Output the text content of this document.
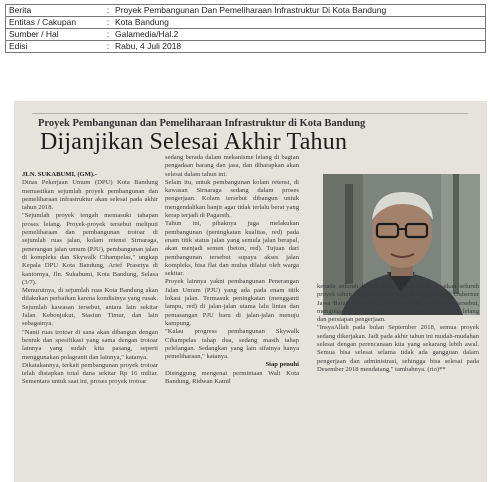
Berita	:	Proyek Pembangunan Dan Pemeliharaan Infrastruktur Di Kota Bandung
Entitas / Cakupan	:	Kota Bandung
Sumber / Hal	:	Galamedia/Hal.2
Edisi	:	Rabu, 4 Juli 2018
Proyek Pembangunan dan Pemeliharaan Infrastruktur di Kota Bandung
Dijanjikan Selesai Akhir Tahun

JLN. SUKABUMI, (GM).-

Dinas Pekerjaan Umum (DPU) Kota Bandung memastikan sejumlah proyek pembangunan dan pemeliharaan infrastruktur akan selesai pada akhir tahun 2018.

"Sejumlah proyek tengah memasuki tahapan proses lelang. Proyek-proyek tersebut meliputi pemeliharaan dan pembangunan trotoar di sejumlah ruas jalan, kolam retensi Sirnaraga, penerangan jalan umum (PJU), pembangunan jalan di kompleks dan Skywalk Cihampelas," ungkap Kepala DPU Kota Bandung, Arief Prasetya di kantornya, Jln. Sukabumi, Kota Bandung, Selasa (3/7).

Menurutnya, di sejumlah ruas Kota Bandung akan dilakukan perbaikan karena kondisinya yang rusak. Sejumlah kawasan tersebut, antara lain sekitar Jalan Kebonjukut, Stasiun Timur, dan lain sebagainya.

"Nanti ruas trotoar di sana akan dibangun dengan bentuk dan spesifikasi yang sama dengan trotoar lainnya yang sudah kita pasang, seperti menggunakan polagranit dan lainnya," katanya.

Dikatakannya, terkait pembangunan proyek trotoar telah disiapkan total dana sekitar Rp 16 miliar. Sementara untuk saat ini, proses proyek trotoar

sedang berada dalam mekanisme lelang di bagian pengadaan barang dan jasa, dan diharapkan akan selesai dalam tahun ini.

Selain itu, untuk pembangunan kolam retensi, di kawasan Sirnaraga sedang dalam proses pengerjaan. Kolam tersebut dibangun untuk mengendalikan banjir agar tidak terlalu berat yang kerap terjadi di Pagarsih.

Tahun ini, pihaknya juga melakukan pembangunan (peningkatan kualitas, red) pada enam titik status jalan yang semula jalan berapal, akan menjadi semen (beton, red). Tujuan dari pembangunan tersebut supaya akses jalan kompleks, bisa flat dan mulus dilalui oleh warga sekitar.

Proyek lainnya yakni pembangunan Penerangan Jalan Umum (PJU) yang ada pada enam titik lokasi jalan. Termasuk peningkatan (mengganti lampu, red) di jalan-jalan utama lalu lintas dan pemasangan PJU baru di jalan-jalan menuju kampung.

"Kalau progress pembangunan Skywalk Cihampelas tahap dua, sedang masih tahap pelelangan. Sedangkan yang lain sifatnya hanya pemeliharaan," katanya.

Siap penuhi

Disinggung mengenai permintaan Wali Kota Bandung, Ridwan Kamil

kepada seluruh kepala dinas untuk menyelesaikan seluruh proyek tahun ini, sebelum dirinya dilantik menjadi Gubernur Jawa Barat. Pihaknya siap memenuhi permintaan tersebut, mengingat seluruh proyek telah memasuki tahapan lelang dan persiapan pengerjaan.

"InsyaAllah pada bulan September 2018, semua proyek sedang dikerjakan. Jadi pada akhir tahun ini mudah-mudahan selesai dengan perencanaan kita yang sekarang lebih awal. Semua bisa selesai selama tidak ada gangguan dalam pengerjaan dan administrasi, sehingga bisa selesai pada Desember 2018 mendatang," tambahnya. (rio)**
